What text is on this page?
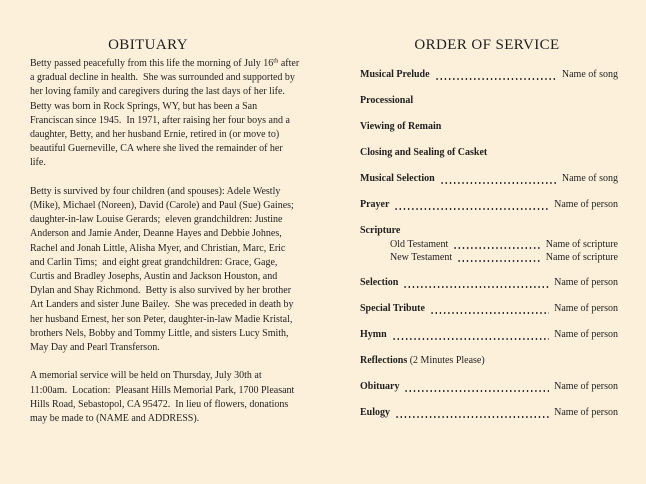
OBITUARY	ORDER OF SERVICE
Betty passed peacefully from this life the morning of July 16th after
a gradual decline in health.  She was surrounded and supported by
her loving family and caregivers during the last days of her life.
Betty was born in Rock Springs, WY, but has been a San
Franciscan since 1945.  In 1971, after raising her four boys and a
daughter, Betty, and her husband Ernie, retired in (or move to)
beautiful Guerneville, CA where she lived the remainder of her
life.
Betty is survived by four children (and spouses): Adele Westly
(Mike), Michael (Noreen), David (Carole) and Paul (Sue) Gaines;
daughter-in-law Louise Gerards;  eleven grandchildren: Justine
Anderson and Jamie Ander, Deanne Hayes and Debbie Johnes,
Rachel and Jonah Little, Alisha Myer, and Christian, Marc, Eric
and Carlin Tims;  and eight great grandchildren: Grace, Gage,
Curtis and Bradley Josephs, Austin and Jackson Houston, and
Dylan and Shay Richmond.  Betty is also survived by her brother
Art Landers and sister June Bailey.  She was preceded in death by
her husband Ernest, her son Peter, daughter-in-law Madie Kristal,
brothers Nels, Bobby and Tommy Little, and sisters Lucy Smith,
May Day and Pearl Transferson.
A memorial service will be held on Thursday, July 30th at
11:00am.  Location:  Pleasant Hills Memorial Park, 1700 Pleasant
Hills Road, Sebastopol, CA 95472.  In lieu of flowers, donations
may be made to (NAME and ADDRESS).
Musical Prelude	Name of song
Processional
Viewing of Remain
Closing and Sealing of Casket
Musical Selection	Name of song
Prayer	Name of person
Scripture
Old Testament	Name of scripture
New Testament	Name of scripture
Selection	Name of person
Special Tribute	Name of person
Hymn	Name of person
Reflections (2 Minutes Please)
Obituary	Name of person
Eulogy	Name of person
